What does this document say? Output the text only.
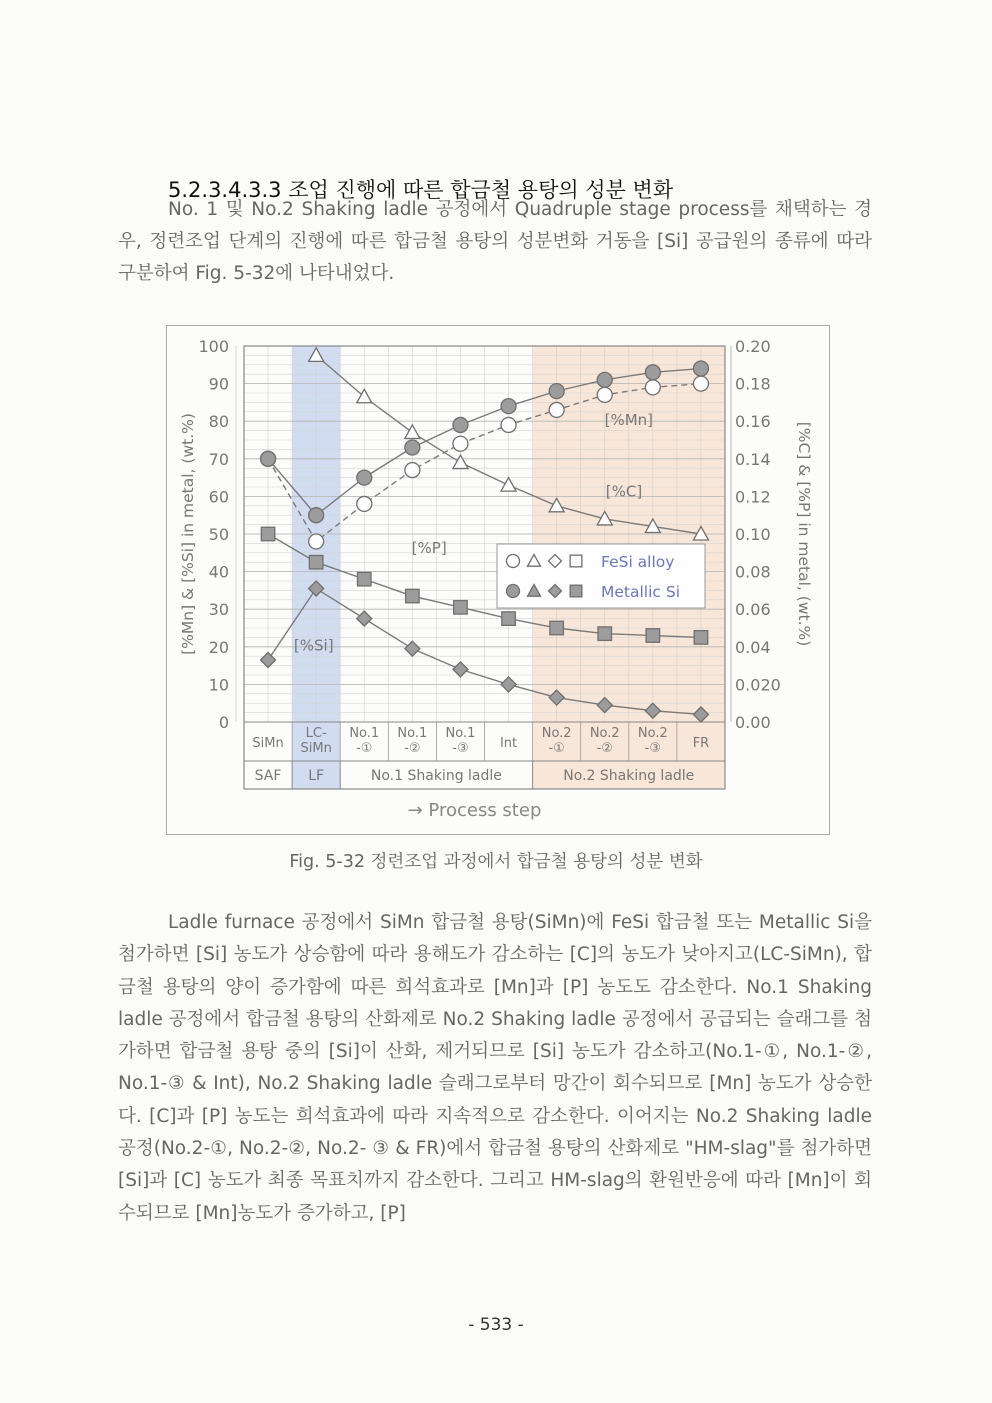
5.2.3.4.3.3 조업 진행에 따른 합금철 용탕의 성분 변화

No. 1 및 No.2 Shaking ladle 공정에서 Quadruple stage process를 채택하는 경우, 정련조업 단계의 진행에 따른 합금철 용탕의 성분변화 거동을 [Si] 공급원의 종류에 따라 구분하여 Fig. 5-32에 나타내었다.

FeSi alloy
Metallic Si
SAF LF	No.1 Shaking ladle	No.2 Shaking ladle
SiMn
LC-
SiMn
No.1
-①
No.1
-②
No.1
-③ Int
No.2
-①
No.2
-②
No.2
-③ FR
0
10
20
30
40
50
60
70
80
90
100
0.00
0.020
0.04
0.06
0.08
0.10
0.12
0.14
0.16
0.18
0.20
[%Mn] & [%Si] in metal, (wt.%)	[%C] & [%P] in metal, (wt.%)
→ Process step
[%Mn]
[%C]
[%P]
[%Si]
Fig. 5-32 정련조업 과정에서 합금철 용탕의 성분 변화

Ladle furnace 공정에서 SiMn 합금철 용탕(SiMn)에 FeSi 합금철 또는 Metallic Si을 첨가하면 [Si] 농도가 상승함에 따라 용해도가 감소하는 [C]의 농도가 낮아지고(LC-SiMn), 합금철 용탕의 양이 증가함에 따른 희석효과로 [Mn]과 [P] 농도도 감소한다. No.1 Shaking ladle 공정에서 합금철 용탕의 산화제로 No.2 Shaking ladle 공정에서 공급되는 슬래그를 첨가하면 합금철 용탕 중의 [Si]이 산화, 제거되므로 [Si] 농도가 감소하고(No.1-①, No.1-②, No.1-③ & Int), No.2 Shaking ladle 슬래그로부터 망간이 회수되므로 [Mn] 농도가 상승한다. [C]과 [P] 농도는 희석효과에 따라 지속적으로 감소한다. 이어지는 No.2 Shaking ladle 공정(No.2-①, No.2-②, No.2- ③ & FR)에서 합금철 용탕의 산화제로 "HM-slag"를 첨가하면 [Si]과 [C] 농도가 최종 목표치까지 감소한다. 그리고 HM-slag의 환원반응에 따라 [Mn]이 회수되므로 [Mn]농도가 증가하고, [P]

- 533 -
